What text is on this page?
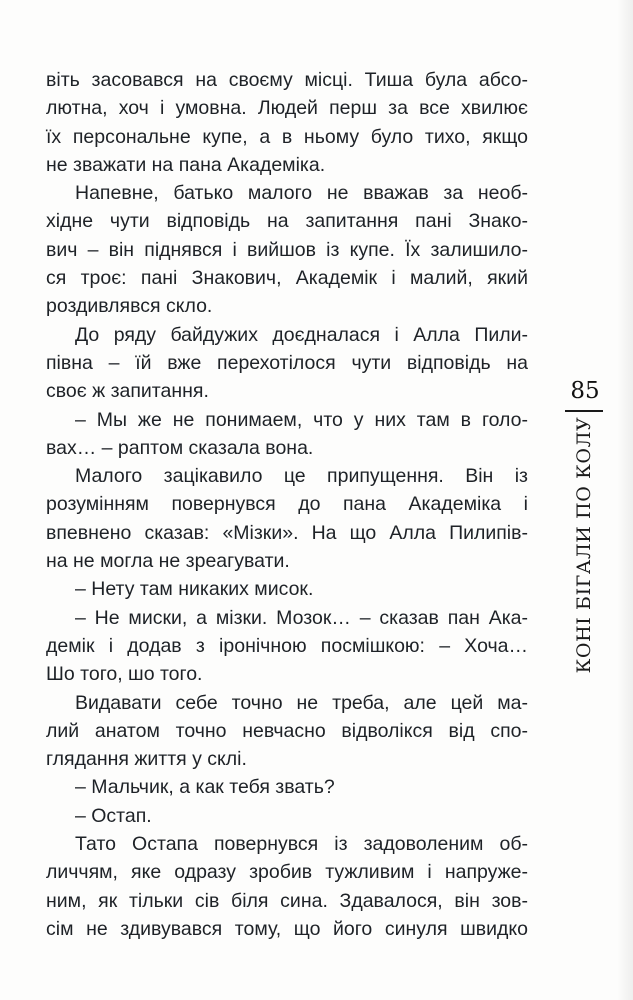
віть засовався на своєму місці. Тиша була абсо-
лютна, хоч і умовна. Людей перш за все хвилює
їх персональне купе, а в ньому було тихо, якщо
не зважати на пана Академіка.
Напевне, батько малого не вважав за необ-
хідне чути відповідь на запитання пані Знако-
вич – він піднявся і вийшов із купе. Їх залишило-
ся троє: пані Знакович, Академік і малий, який
роздивлявся скло.
До ряду байдужих доєдналася і Алла Пили-
півна – їй вже перехотілося чути відповідь на
своє ж запитання.
– Мы же не понимаем, что у них там в голо-
вах… – раптом сказала вона.
Малого зацікавило це припущення. Він із
розумінням повернувся до пана Академіка і
впевнено сказав: «Мізки». На що Алла Пилипів-
на не могла не зреагувати.
– Нету там никаких мисок.
– Не миски, а мізки. Мозок… – сказав пан Ака-
демік і додав з іронічною посмішкою: – Хоча…
Шо того, шо того.
Видавати себе точно не треба, але цей ма-
лий анатом точно невчасно відволікся від спо-
глядання життя у склі.
– Мальчик, а как тебя звать?
– Остап.
Тато Остапа повернувся із задоволеним об-
личчям, яке одразу зробив тужливим і напруже-
ним, як тільки сів біля сина. Здавалося, він зов-
сім не здивувався тому, що його синуля швидко
85
КОНІ БІГАЛИ ПО КОЛУ
